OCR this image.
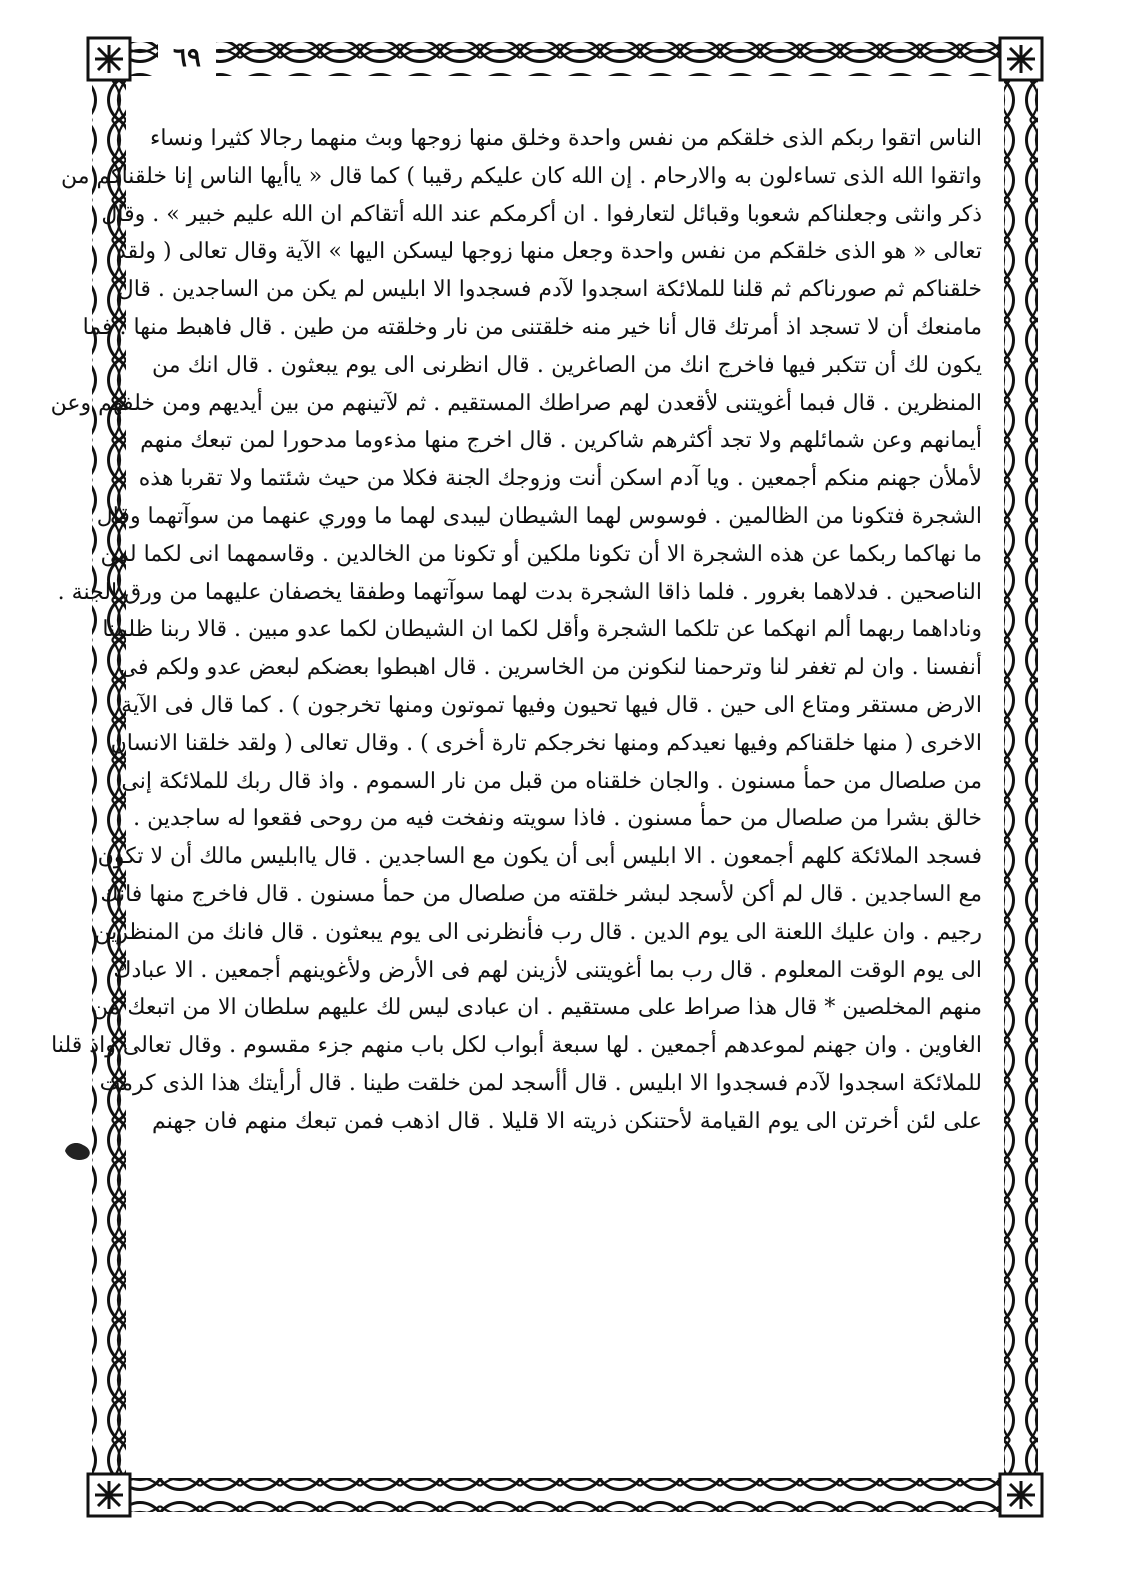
٦٩
الناس اتقوا ربكم الذى خلقكم من نفس واحدة وخلق منها زوجها وبث منهما رجالا كثيرا ونساء
واتقوا الله الذى تساءلون به والارحام . إن الله كان عليكم رقيبا ) كما قال « ياأيها الناس إنا خلقناكم من
ذكر وانثى وجعلناكم شعوبا وقبائل لتعارفوا . ان أكرمكم عند الله أتقاكم ان الله عليم خبير » . وقال
تعالى « هو الذى خلقكم من نفس واحدة وجعل منها زوجها ليسكن اليها » الآية وقال تعالى ( ولقد
خلقناكم ثم صورناكم ثم قلنا للملائكة اسجدوا لآدم فسجدوا الا ابليس لم يكن من الساجدين . قال
مامنعك أن لا تسجد اذ أمرتك قال أنا خير منه خلقتنى من نار وخلقته من طين . قال فاهبط منها . فما
يكون لك أن تتكبر فيها فاخرج انك من الصاغرين . قال انظرنى الى يوم يبعثون . قال انك من
المنظرين . قال فبما أغويتنى لأقعدن لهم صراطك المستقيم . ثم لآتينهم من بين أيديهم ومن خلفهم وعن
أيمانهم وعن شمائلهم ولا تجد أكثرهم شاكرين . قال اخرج منها مذءوما مدحورا لمن تبعك منهم
لأملأن جهنم منكم أجمعين . ويا آدم اسكن أنت وزوجك الجنة فكلا من حيث شئتما ولا تقربا هذه
الشجرة فتكونا من الظالمين . فوسوس لهما الشيطان ليبدى لهما ما ووري عنهما من سوآتهما وقال
ما نهاكما ربكما عن هذه الشجرة الا أن تكونا ملكين أو تكونا من الخالدين . وقاسمهما انى لكما لمن
الناصحين . فدلاهما بغرور . فلما ذاقا الشجرة بدت لهما سوآتهما وطفقا يخصفان عليهما من ورق الجنة .
وناداهما ربهما ألم انهكما عن تلكما الشجرة وأقل لكما ان الشيطان لكما عدو مبين . قالا ربنا ظلمنا
أنفسنا . وان لم تغفر لنا وترحمنا لنكونن من الخاسرين . قال اهبطوا بعضكم لبعض عدو ولكم فى
الارض مستقر ومتاع الى حين . قال فيها تحيون وفيها تموتون ومنها تخرجون ) . كما قال فى الآية
الاخرى ( منها خلقناكم وفيها نعيدكم ومنها نخرجكم تارة أخرى ) . وقال تعالى ( ولقد خلقنا الانسان
من صلصال من حمأ مسنون . والجان خلقناه من قبل من نار السموم . واذ قال ربك للملائكة إنى
خالق بشرا من صلصال من حمأ مسنون . فاذا سويته ونفخت فيه من روحى فقعوا له ساجدين .
فسجد الملائكة كلهم أجمعون . الا ابليس أبى أن يكون مع الساجدين . قال ياابليس مالك أن لا تكون
مع الساجدين . قال لم أكن لأسجد لبشر خلقته من صلصال من حمأ مسنون . قال فاخرج منها فانك
رجيم . وان عليك اللعنة الى يوم الدين . قال رب فأنظرنى الى يوم يبعثون . قال فانك من المنظرين
الى يوم الوقت المعلوم . قال رب بما أغويتنى لأزينن لهم فى الأرض ولأغوينهم أجمعين . الا عبادك
منهم المخلصين * قال هذا صراط على مستقيم . ان عبادى ليس لك عليهم سلطان الا من اتبعك من
الغاوين . وان جهنم لموعدهم أجمعين . لها سبعة أبواب لكل باب منهم جزء مقسوم . وقال تعالى واذ قلنا
للملائكة اسجدوا لآدم فسجدوا الا ابليس . قال أأسجد لمن خلقت طينا . قال أرأيتك هذا الذى كرمت
على لئن أخرتن الى يوم القيامة لأحتنكن ذريته الا قليلا . قال اذهب فمن تبعك منهم فان جهنم
